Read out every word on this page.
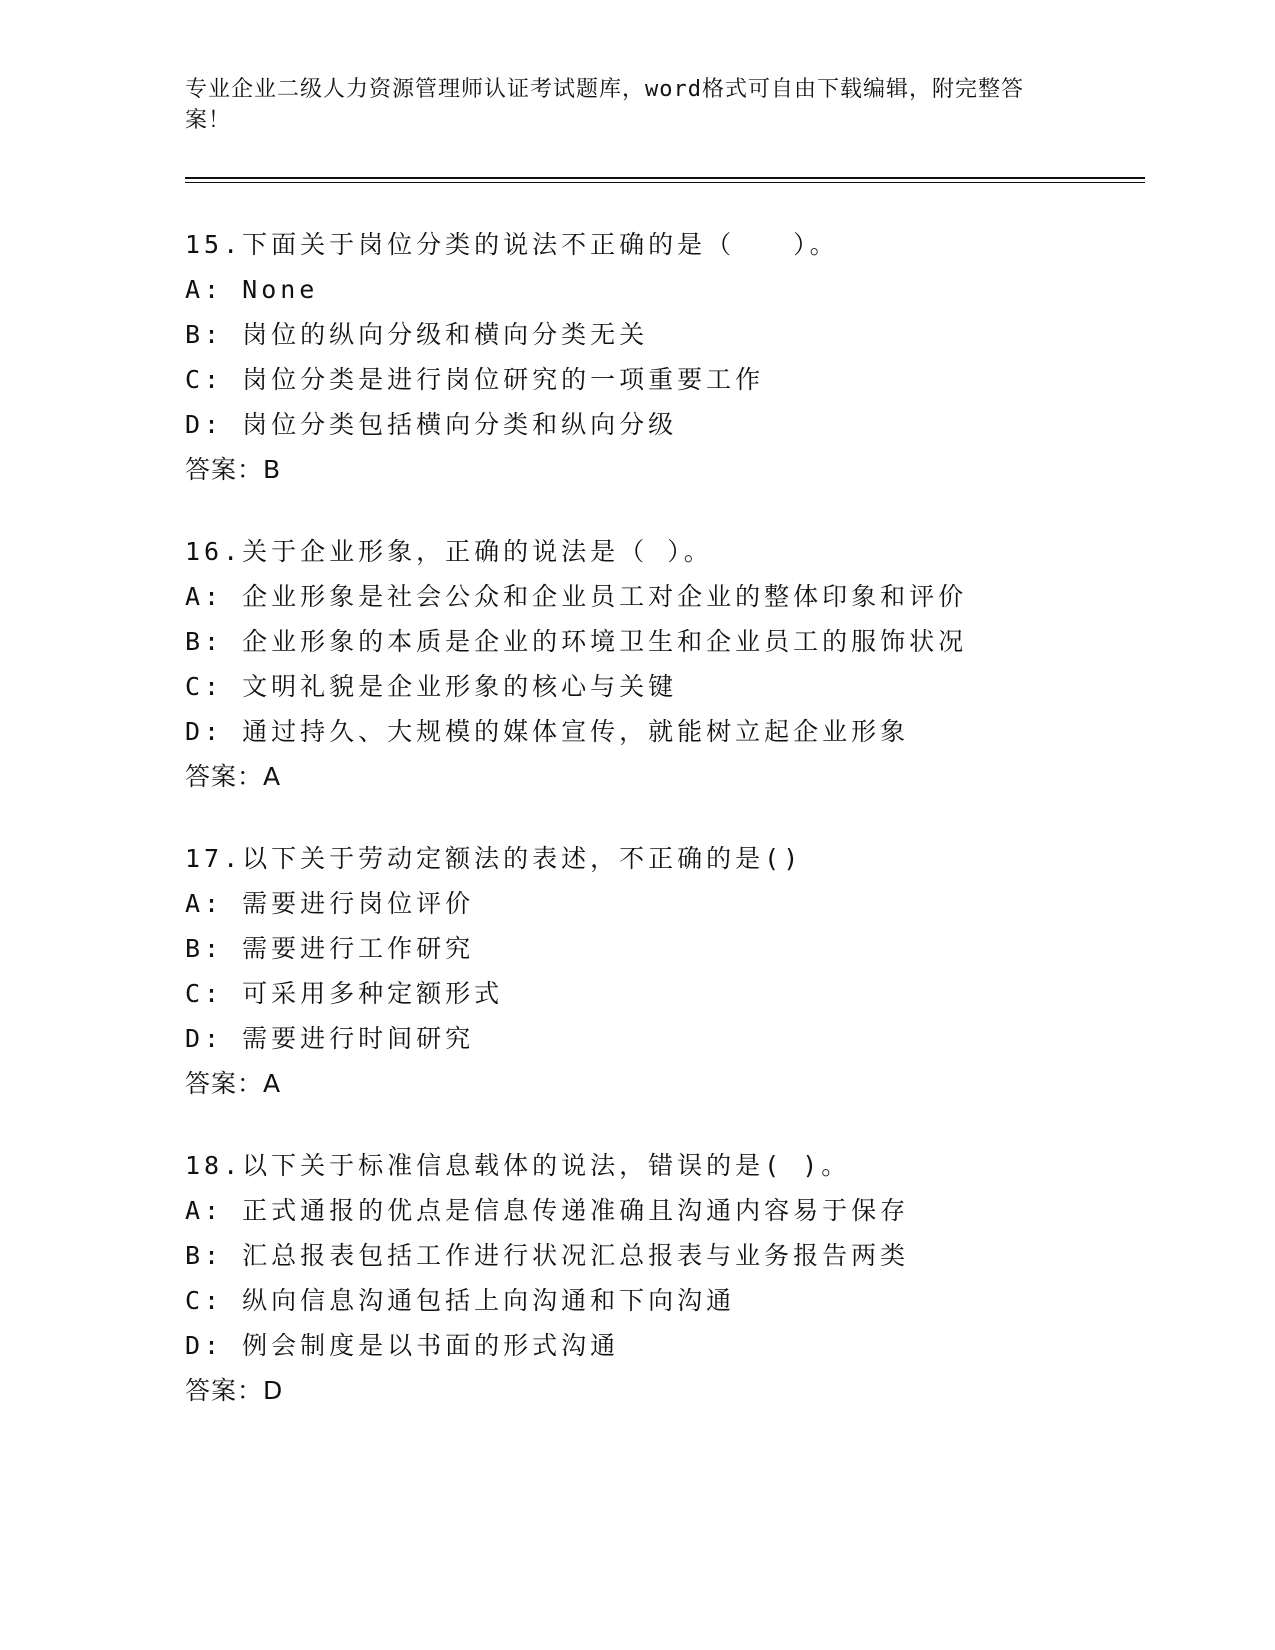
专业企业二级人力资源管理师认证考试题库，word格式可自由下载编辑，附完整答案！
15.下面关于岗位分类的说法不正确的是（　　）。
A: None
B: 岗位的纵向分级和横向分类无关
C: 岗位分类是进行岗位研究的一项重要工作
D: 岗位分类包括横向分类和纵向分级
答案：B
16.关于企业形象，正确的说法是（ ）。
A: 企业形象是社会公众和企业员工对企业的整体印象和评价
B: 企业形象的本质是企业的环境卫生和企业员工的服饰状况
C: 文明礼貌是企业形象的核心与关键
D: 通过持久、大规模的媒体宣传，就能树立起企业形象
答案：A
17.以下关于劳动定额法的表述，不正确的是()
A: 需要进行岗位评价
B: 需要进行工作研究
C: 可采用多种定额形式
D: 需要进行时间研究
答案：A
18.以下关于标准信息载体的说法，错误的是( )。
A: 正式通报的优点是信息传递准确且沟通内容易于保存
B: 汇总报表包括工作进行状况汇总报表与业务报告两类
C: 纵向信息沟通包括上向沟通和下向沟通
D: 例会制度是以书面的形式沟通
答案：D
